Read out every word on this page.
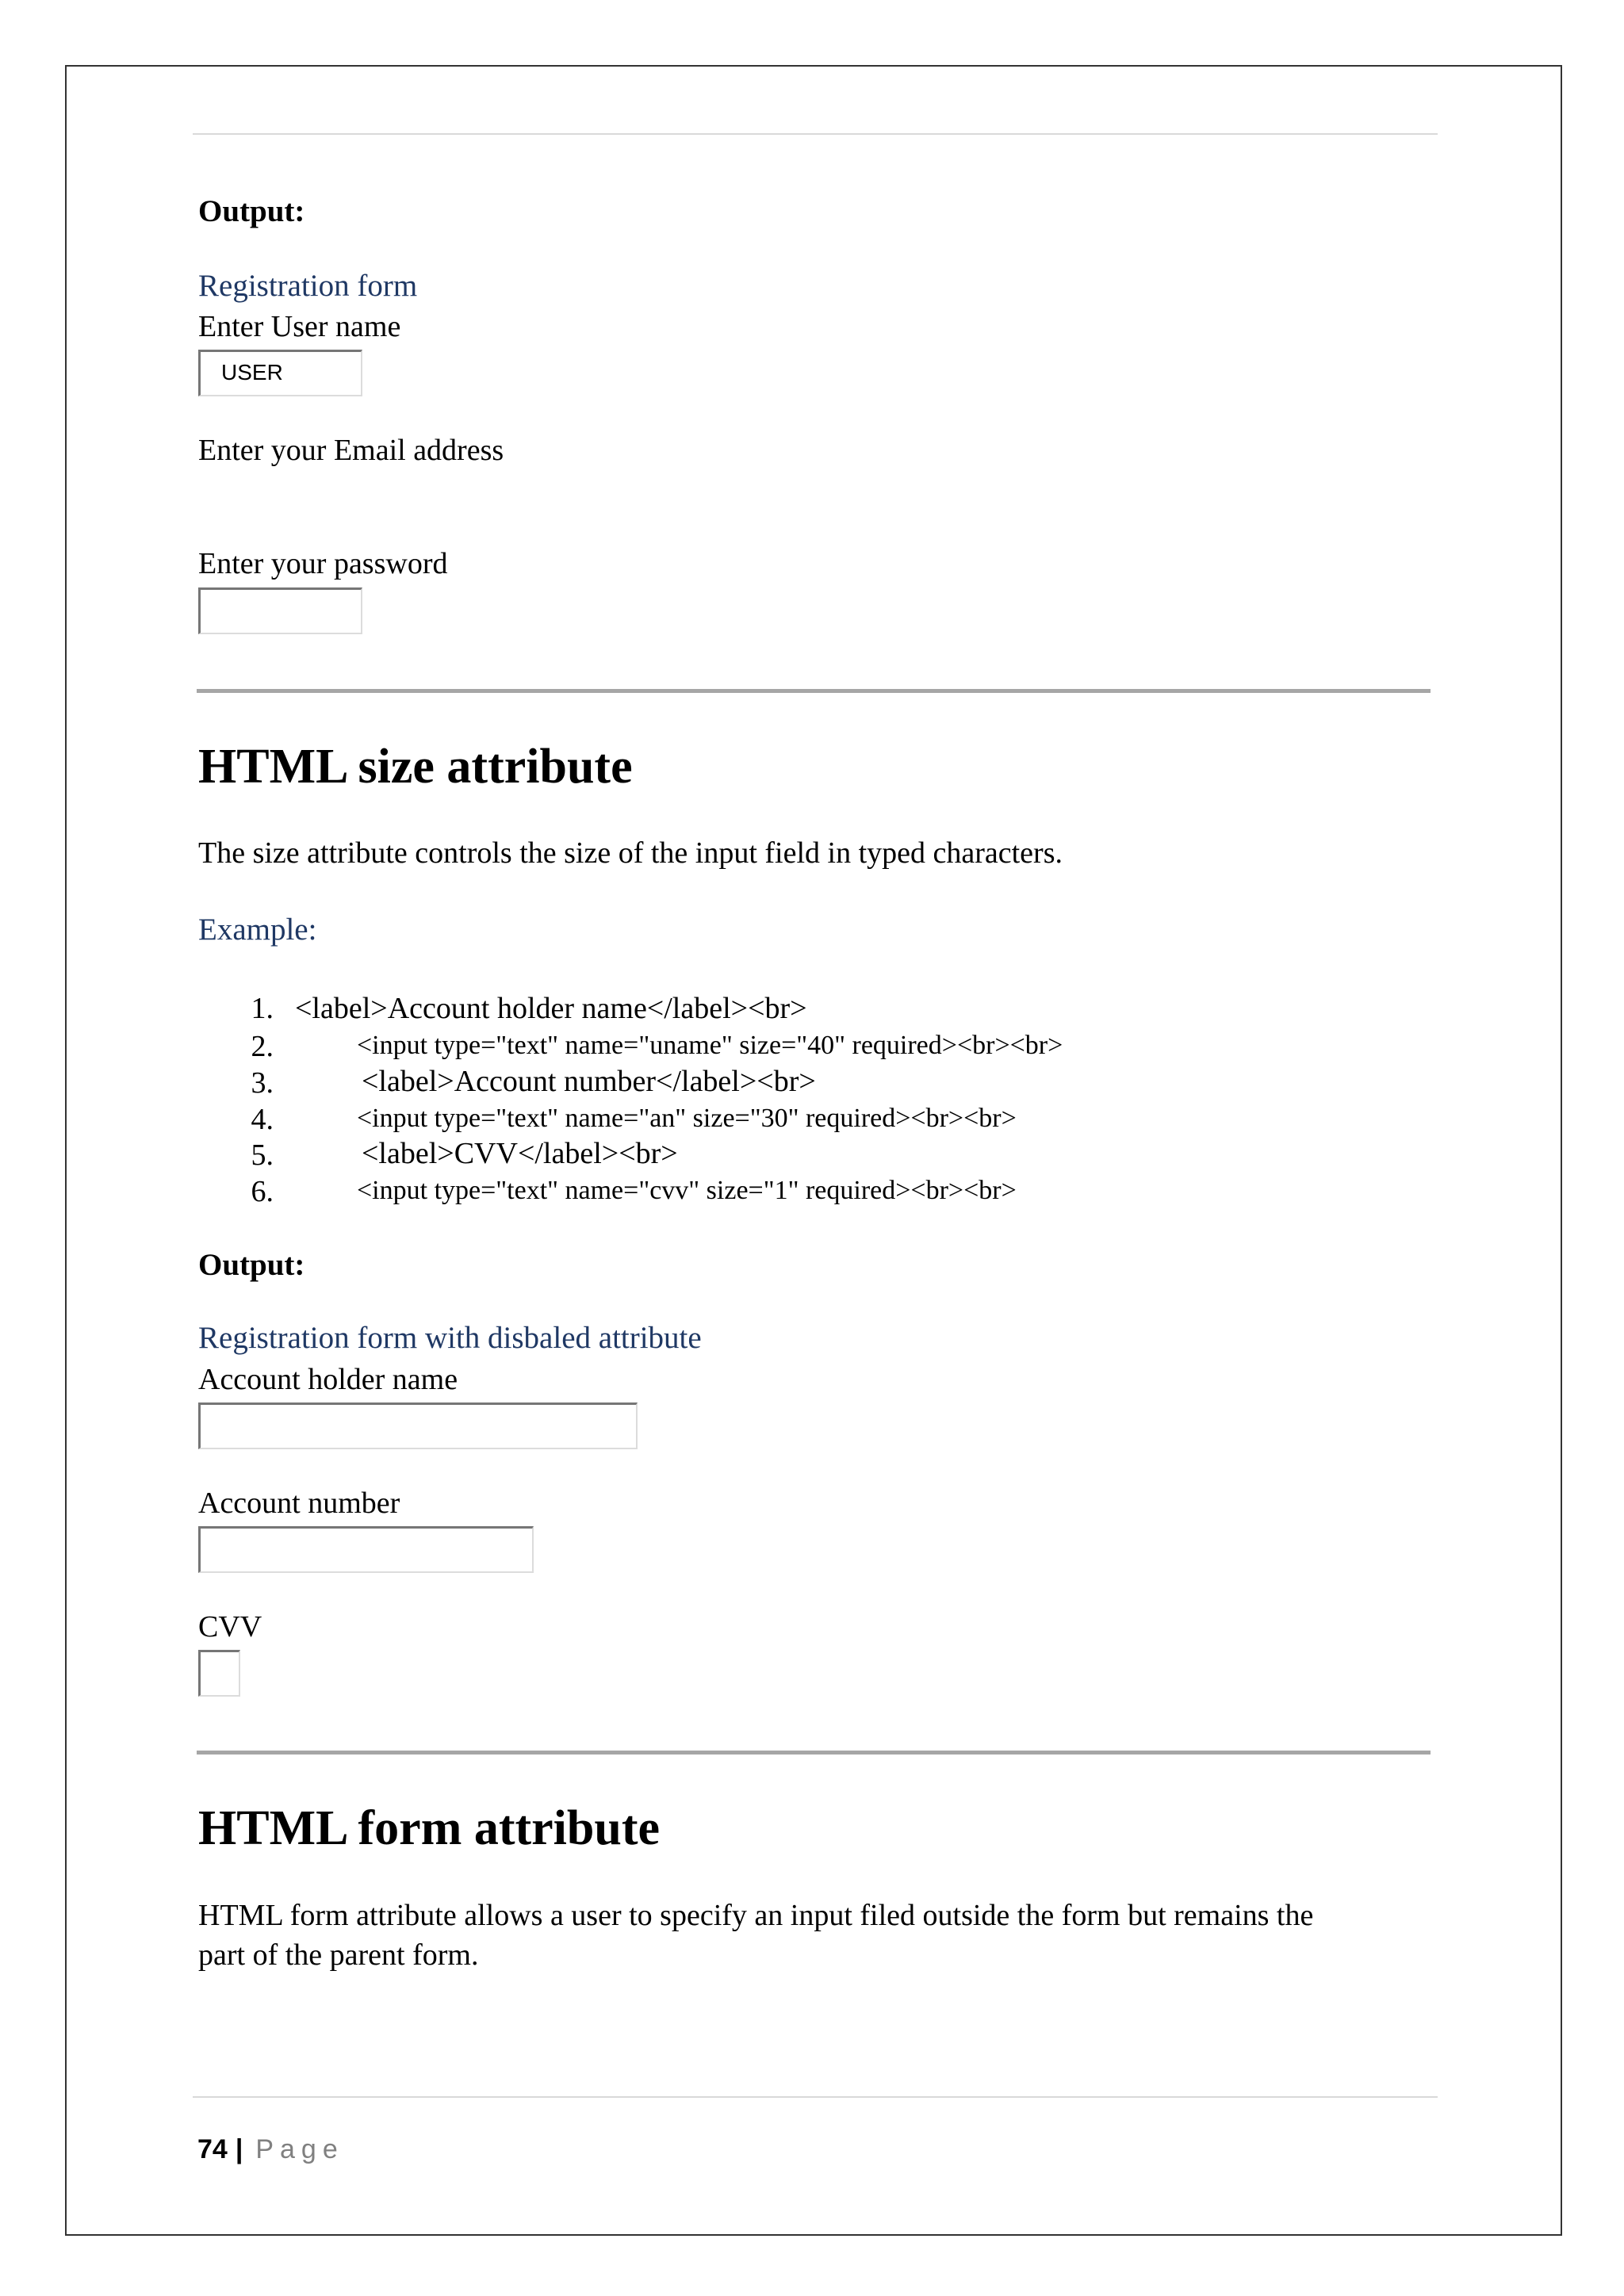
Output:
Registration form
Enter User name
USER
Enter your Email address
Enter your password
HTML size attribute
The size attribute controls the size of the input field in typed characters.
Example:
1. <label>Account holder name</label><br>
2.	<input type="text" name="uname" size="40" required><br><br>
3.	<label>Account number</label><br>
4.	<input type="text" name="an" size="30" required><br><br>
5.	<label>CVV</label><br>
6.	<input type="text" name="cvv" size="1" required><br><br>
Output:
Registration form with disbaled attribute
Account holder name
Account number
CVV
HTML form attribute
HTML form attribute allows a user to specify an input filed outside the form but remains the
part of the parent form.
74 | Page
